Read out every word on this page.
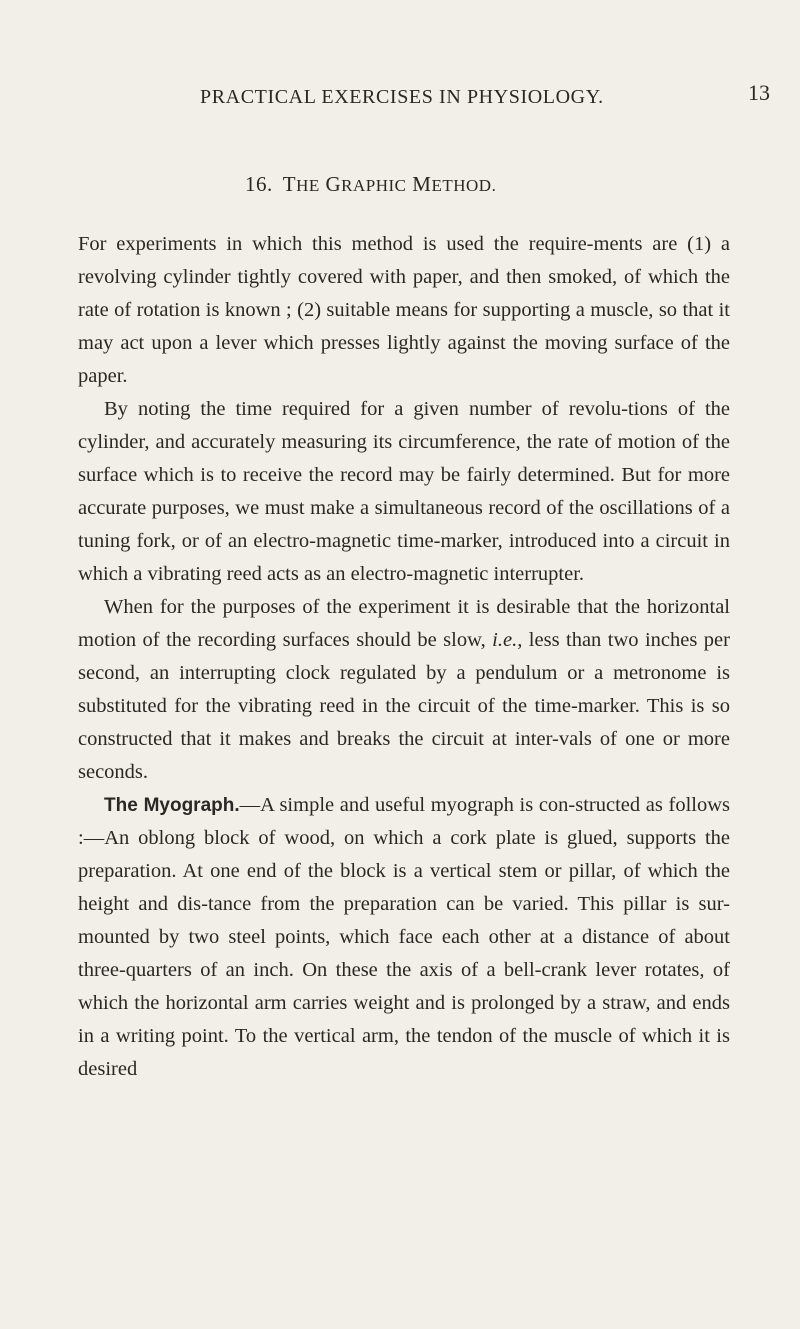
PRACTICAL EXERCISES IN PHYSIOLOGY.	13
16. THE GRAPHIC METHOD.

For experiments in which this method is used the require-ments are (1) a revolving cylinder tightly covered with paper, and then smoked, of which the rate of rotation is known ; (2) suitable means for supporting a muscle, so that it may act upon a lever which presses lightly against the moving surface of the paper.

By noting the time required for a given number of revolu-tions of the cylinder, and accurately measuring its circumference, the rate of motion of the surface which is to receive the record may be fairly determined. But for more accurate purposes, we must make a simultaneous record of the oscillations of a tuning fork, or of an electro-magnetic time-marker, introduced into a circuit in which a vibrating reed acts as an electro-magnetic interrupter.

When for the purposes of the experiment it is desirable that the horizontal motion of the recording surfaces should be slow, i.e., less than two inches per second, an interrupting clock regulated by a pendulum or a metronome is substituted for the vibrating reed in the circuit of the time-marker. This is so constructed that it makes and breaks the circuit at inter-vals of one or more seconds.

The Myograph.—A simple and useful myograph is con-structed as follows :—An oblong block of wood, on which a cork plate is glued, supports the preparation. At one end of the block is a vertical stem or pillar, of which the height and dis-tance from the preparation can be varied. This pillar is sur-mounted by two steel points, which face each other at a distance of about three-quarters of an inch. On these the axis of a bell-crank lever rotates, of which the horizontal arm carries weight and is prolonged by a straw, and ends in a writing point. To the vertical arm, the tendon of the muscle of which it is desired
